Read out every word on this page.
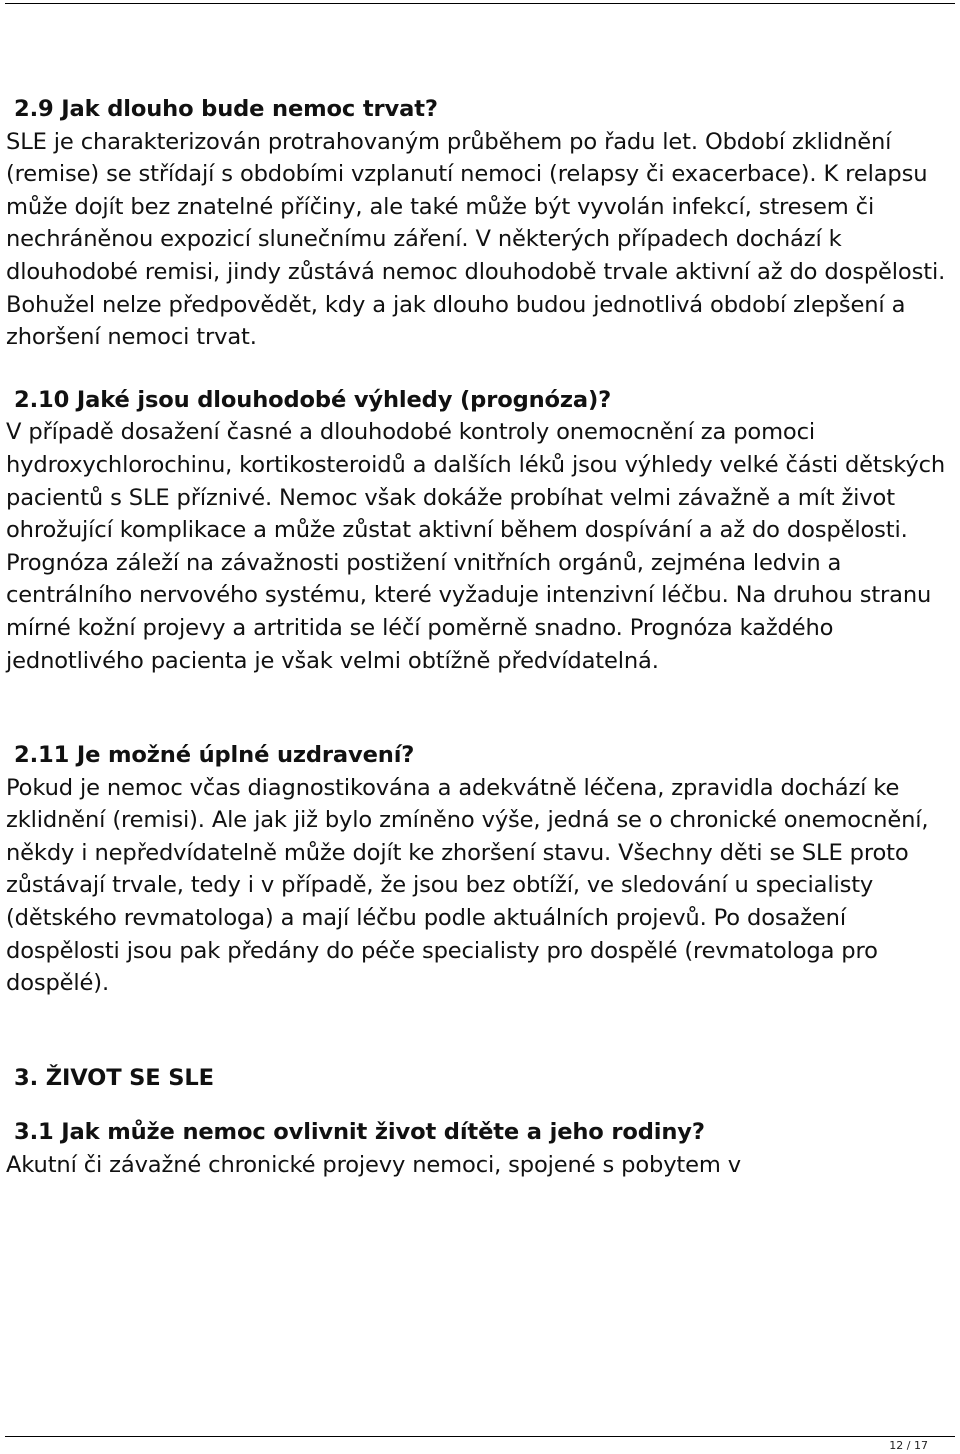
2.9 Jak dlouho bude nemoc trvat?

SLE je charakterizován protrahovaným průběhem po řadu let. Období zklidnění (remise) se střídají s obdobími vzplanutí nemoci (relapsy či exacerbace). K relapsu může dojít bez znatelné příčiny, ale také může být vyvolán infekcí, stresem či nechráněnou expozicí slunečnímu záření. V některých případech dochází k dlouhodobé remisi, jindy zůstává nemoc dlouhodobě trvale aktivní až do dospělosti. Bohužel nelze předpovědět, kdy a jak dlouho budou jednotlivá období zlepšení a zhoršení nemoci trvat.

2.10 Jaké jsou dlouhodobé výhledy (prognóza)?

V případě dosažení časné a dlouhodobé kontroly onemocnění za pomoci hydroxychlorochinu, kortikosteroidů a dalších léků jsou výhledy velké části dětských pacientů s SLE příznivé. Nemoc však dokáže probíhat velmi závažně a mít život ohrožující komplikace a může zůstat aktivní během dospívání a až do dospělosti.

Prognóza záleží na závažnosti postižení vnitřních orgánů, zejména ledvin a centrálního nervového systému, které vyžaduje intenzivní léčbu. Na druhou stranu mírné kožní projevy a artritida se léčí poměrně snadno. Prognóza každého jednotlivého pacienta je však velmi obtížně předvídatelná.

2.11 Je možné úplné uzdravení?

Pokud je nemoc včas diagnostikována a adekvátně léčena, zpravidla dochází ke zklidnění (remisi). Ale jak již bylo zmíněno výše, jedná se o chronické onemocnění, někdy i nepředvídatelně může dojít ke zhoršení stavu. Všechny děti se SLE proto zůstávají trvale, tedy i v případě, že jsou bez obtíží, ve sledování u specialisty (dětského revmatologa) a mají léčbu podle aktuálních projevů. Po dosažení dospělosti jsou pak předány do péče specialisty pro dospělé (revmatologa pro dospělé).

3. ŽIVOT SE SLE
3.1 Jak může nemoc ovlivnit život dítěte a jeho rodiny?

Akutní či závažné chronické projevy nemoci, spojené s pobytem v

12 / 17
